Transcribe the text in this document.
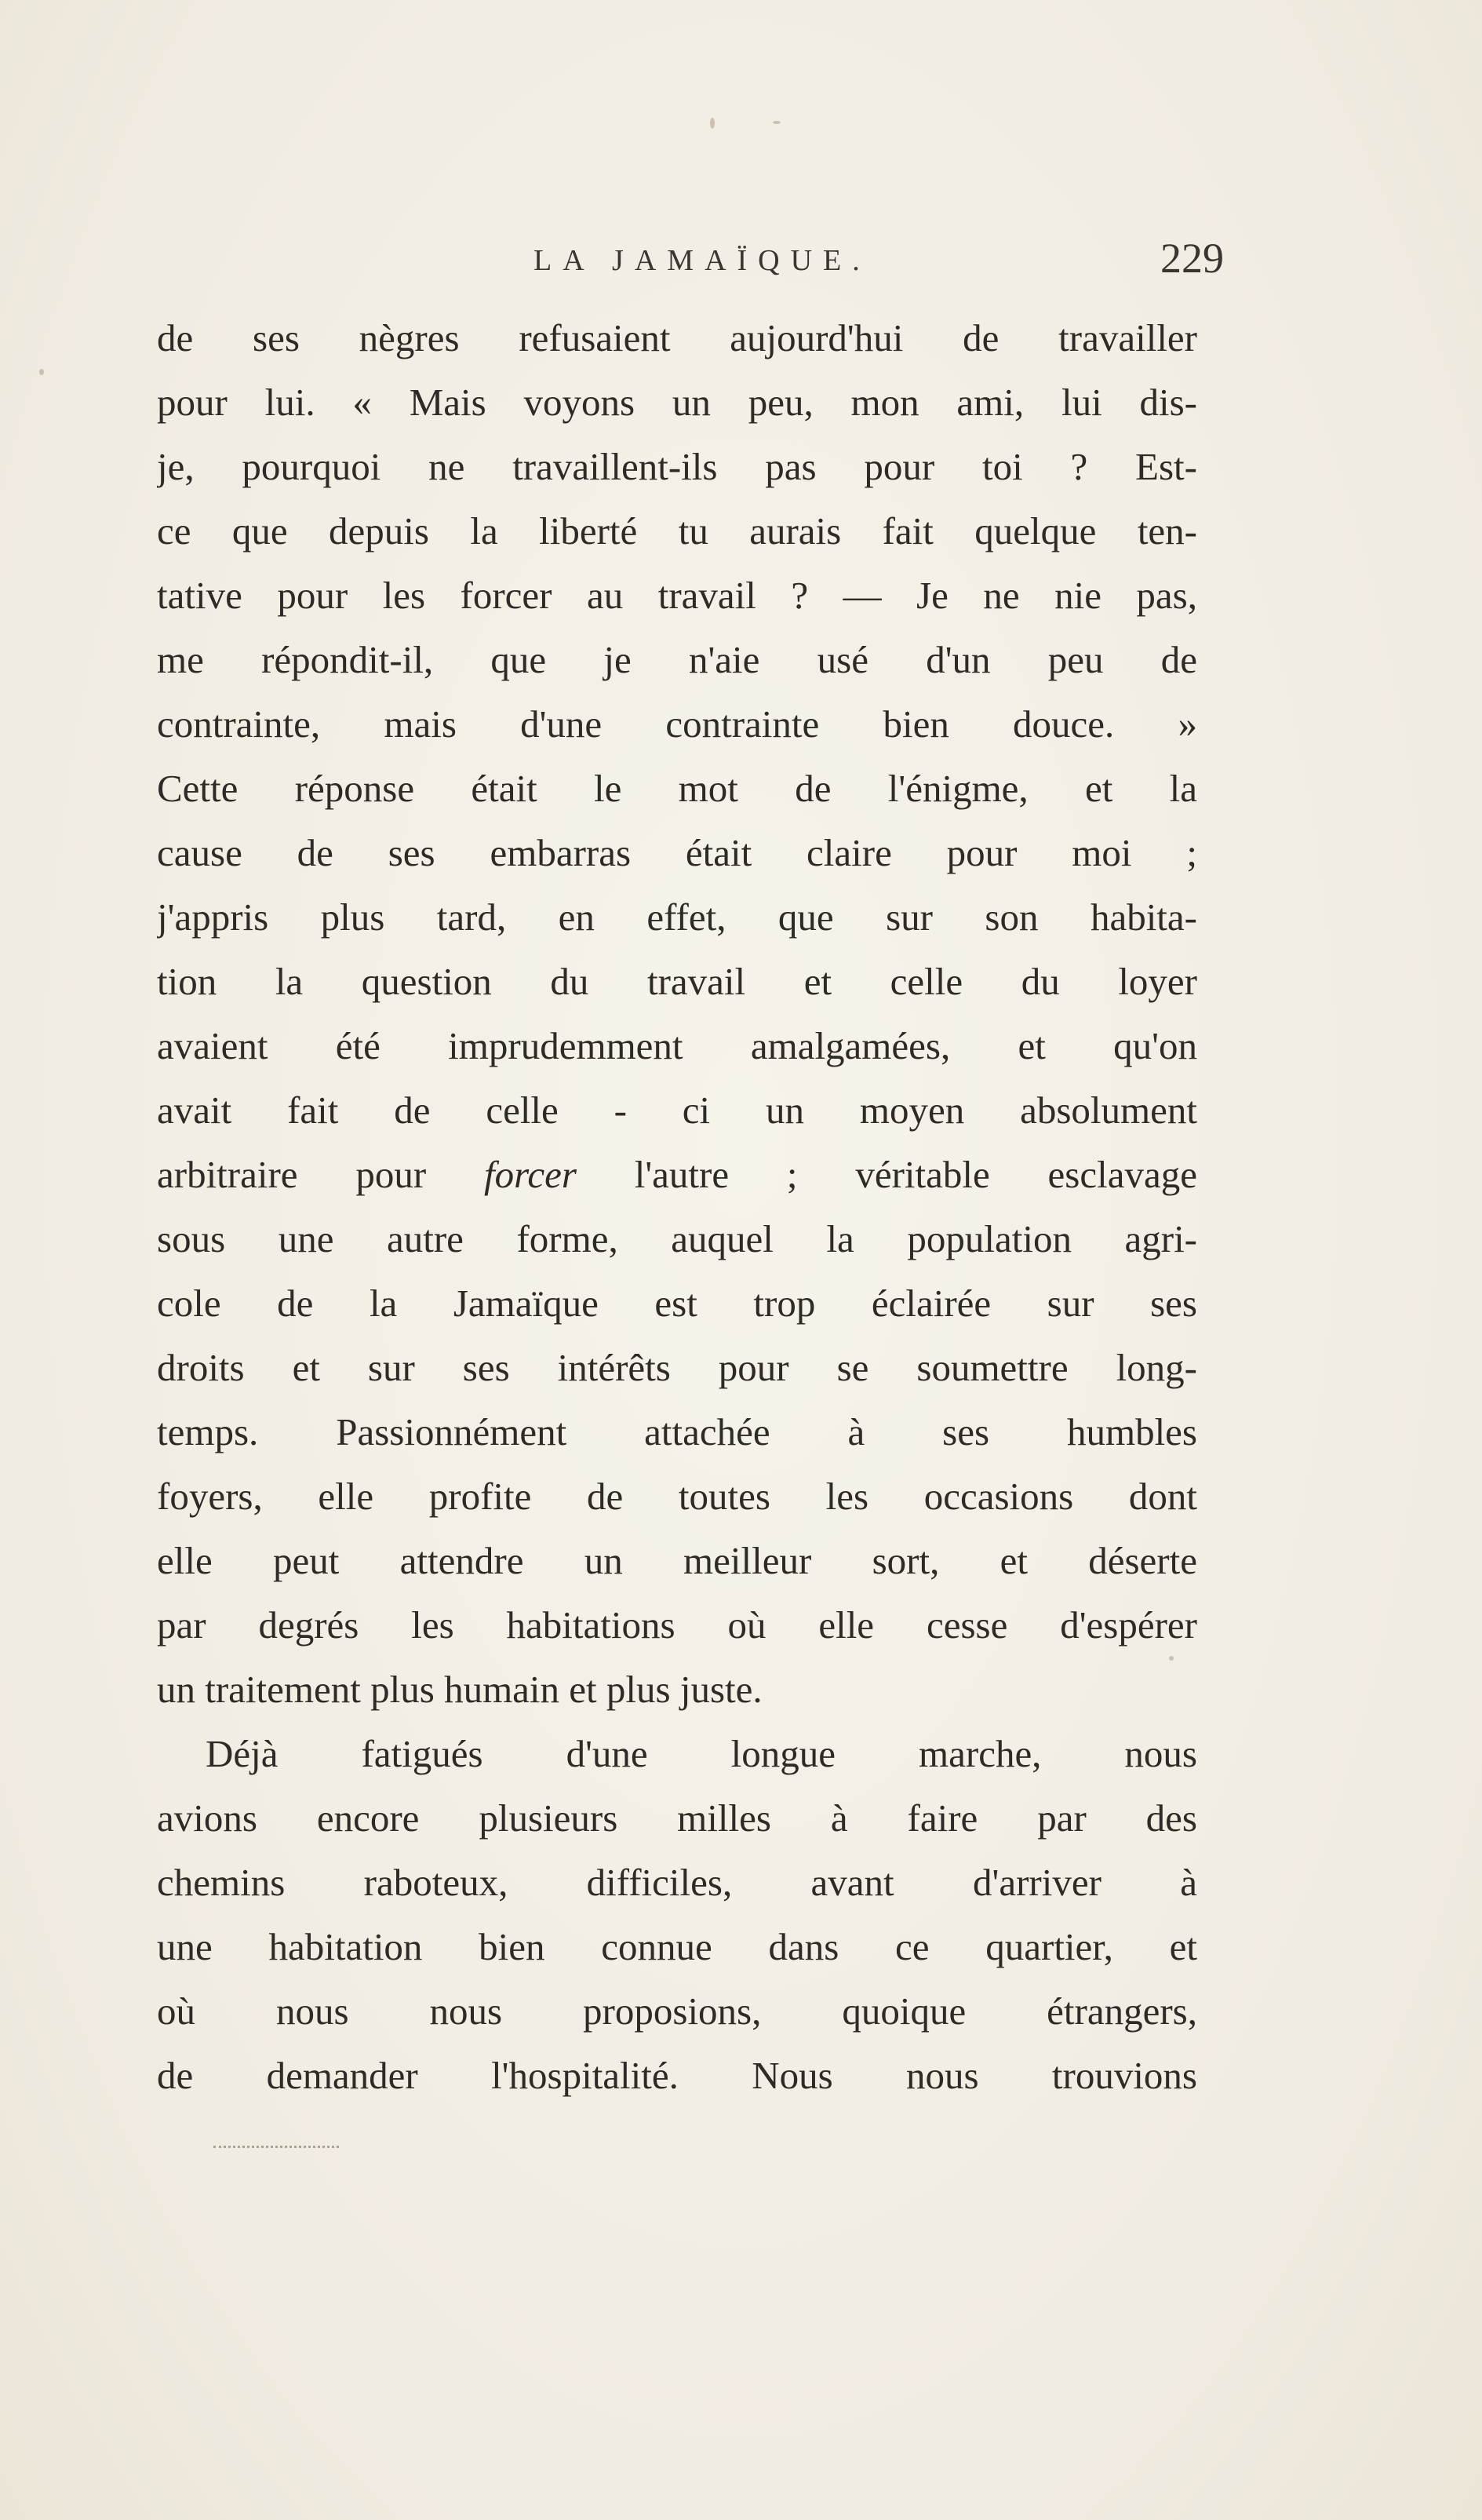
LA JAMAÏQUE.	229
de ses nègres refusaient aujourd'hui de travailler
pour lui. « Mais voyons un peu, mon ami, lui dis-
je, pourquoi ne travaillent-ils pas pour toi ? Est-
ce que depuis la liberté tu aurais fait quelque ten-
tative pour les forcer au travail ? — Je ne nie pas,
me répondit-il, que je n'aie usé d'un peu de
contrainte, mais d'une contrainte bien douce. »
Cette réponse était le mot de l'énigme, et la
cause de ses embarras était claire pour moi ;
j'appris plus tard, en effet, que sur son habita-
tion la question du travail et celle du loyer
avaient été imprudemment amalgamées, et qu'on
avait fait de celle - ci un moyen absolument
arbitraire pour forcer l'autre ; véritable esclavage
sous une autre forme, auquel la population agri-
cole de la Jamaïque est trop éclairée sur ses
droits et sur ses intérêts pour se soumettre long-
temps. Passionnément attachée à ses humbles
foyers, elle profite de toutes les occasions dont
elle peut attendre un meilleur sort, et déserte
par degrés les habitations où elle cesse d'espérer
un traitement plus humain et plus juste.
Déjà fatigués d'une longue marche, nous
avions encore plusieurs milles à faire par des
chemins raboteux, difficiles, avant d'arriver à
une habitation bien connue dans ce quartier, et
où nous nous proposions, quoique étrangers,
de demander l'hospitalité. Nous nous trouvions
